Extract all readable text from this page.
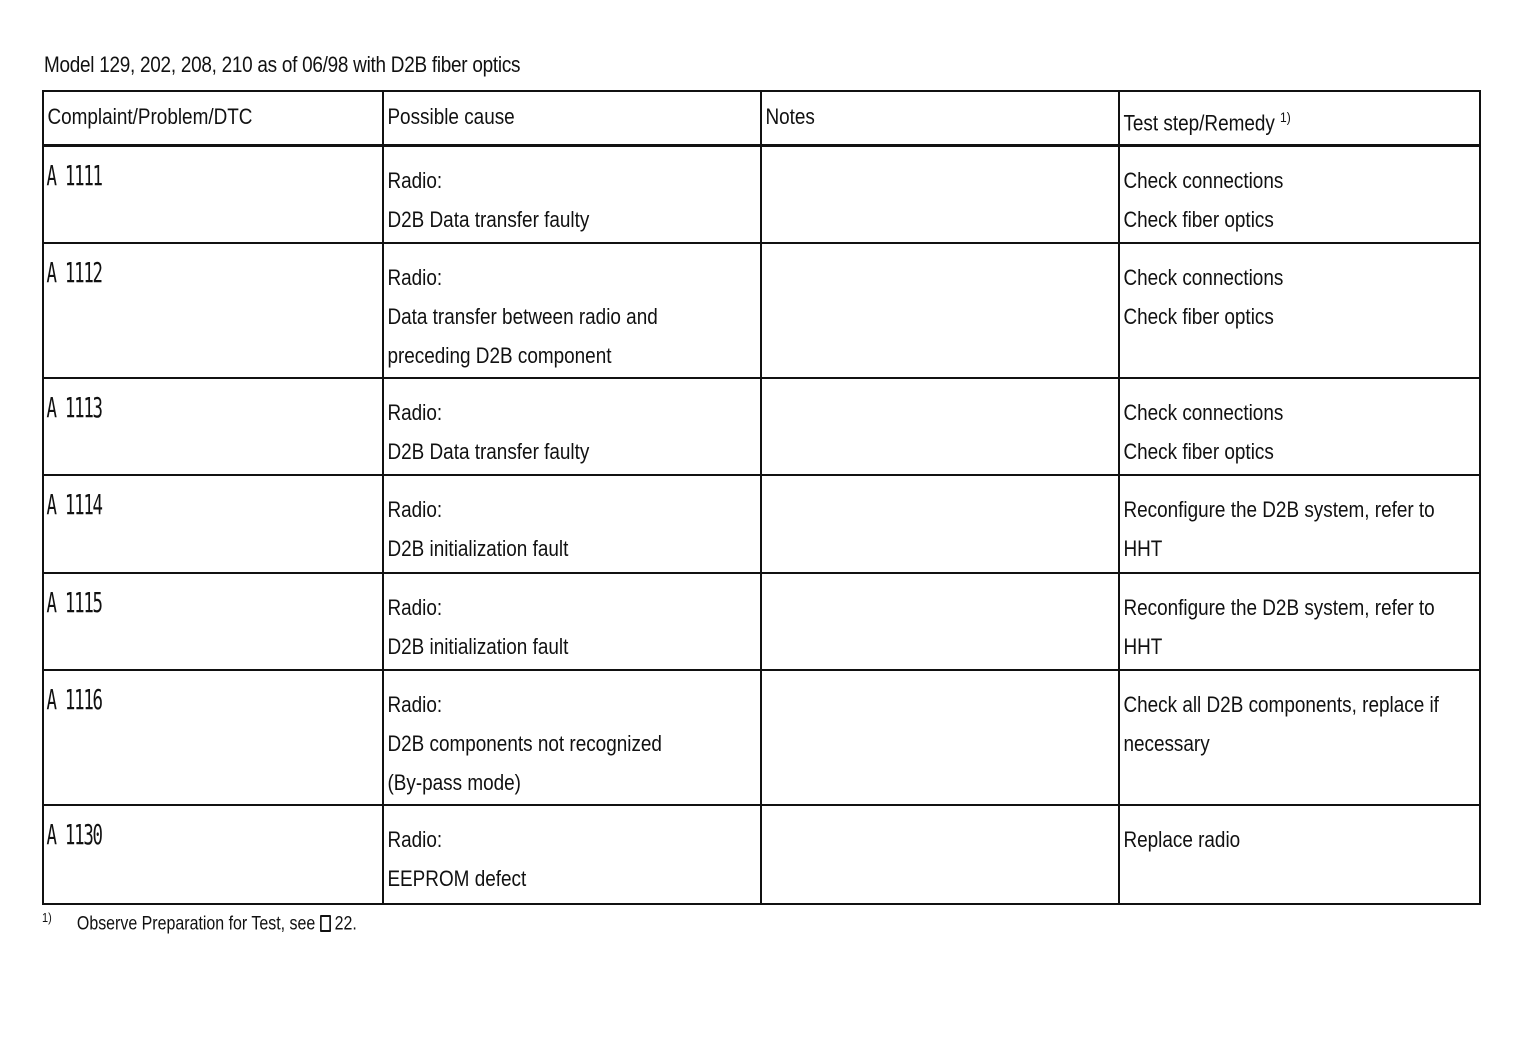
Model 129, 202, 208, 210 as of 06/98 with D2B fiber optics
Complaint/Problem/DTC	Possible cause	Notes	Test step/Remedy $^{1)}$

A 1111	Radio:
D2B Data transfer faulty		Check connections
Check fiber optics

A 1112	Radio:
Data transfer between radio and
preceding D2B component		Check connections
Check fiber optics

A 1113	Radio:
D2B Data transfer faulty		Check connections
Check fiber optics

A 1114	Radio:
D2B initialization fault		Reconfigure the D2B system, refer to
HHT

A 1115	Radio:
D2B initialization fault		Reconfigure the D2B system, refer to
HHT

A 1116	Radio:
D2B components not recognized
(By-pass mode)		Check all D2B components, replace if
necessary

A 1130	Radio:
EEPROM defect		Replace radio
$^{1)}$ Observe Preparation for Test, see 22.
